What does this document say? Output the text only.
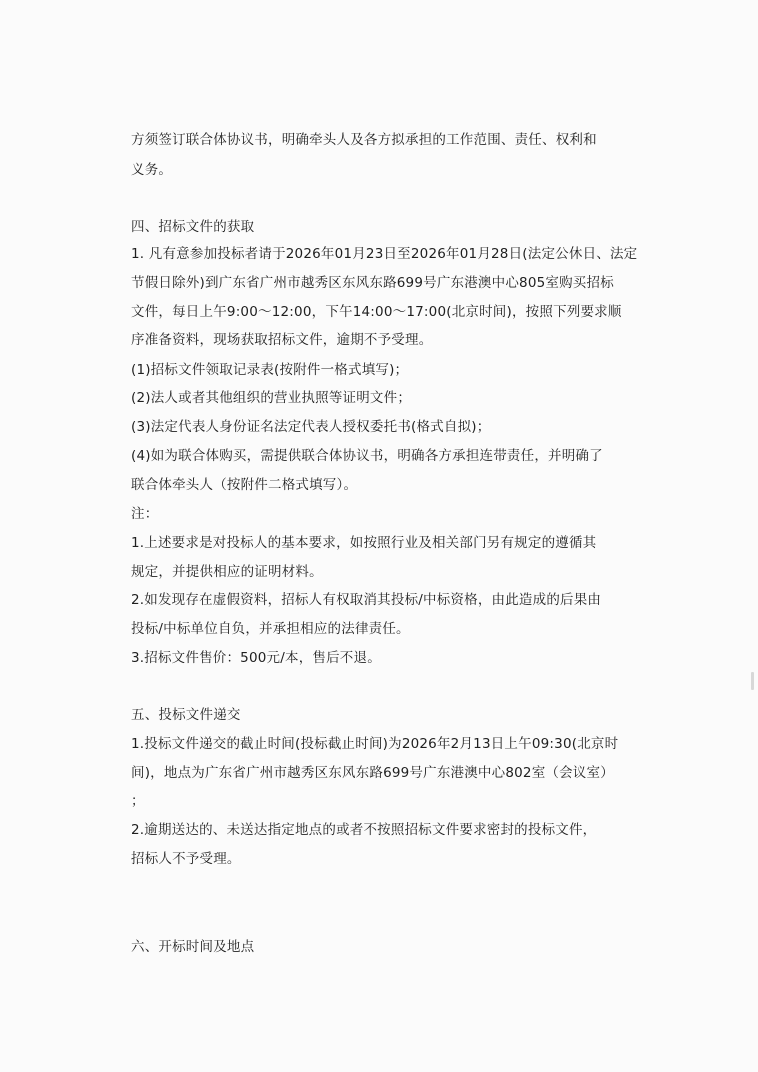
方须签订联合体协议书，明确牵头人及各方拟承担的工作范围、责任、权利和
义务。
四、招标文件的获取
1. 凡有意参加投标者请于2026年01月23日至2026年01月28日(法定公休日、法定
节假日除外)到广东省广州市越秀区东风东路699号广东港澳中心805室购买招标
文件，每日上午9:00～12:00，下午14:00～17:00(北京时间)，按照下列要求顺
序准备资料，现场获取招标文件，逾期不予受理。
(1)招标文件领取记录表(按附件一格式填写)；
(2)法人或者其他组织的营业执照等证明文件；
(3)法定代表人身份证名法定代表人授权委托书(格式自拟)；
(4)如为联合体购买，需提供联合体协议书，明确各方承担连带责任，并明确了
联合体牵头人（按附件二格式填写）。
注：
1.上述要求是对投标人的基本要求，如按照行业及相关部门另有规定的遵循其
规定，并提供相应的证明材料。
2.如发现存在虚假资料，招标人有权取消其投标/中标资格，由此造成的后果由
投标/中标单位自负，并承担相应的法律责任。
3.招标文件售价：500元/本，售后不退。
五、投标文件递交
1.投标文件递交的截止时间(投标截止时间)为2026年2月13日上午09:30(北京时
间)，地点为广东省广州市越秀区东风东路699号广东港澳中心802室（会议室）
；
2.逾期送达的、未送达指定地点的或者不按照招标文件要求密封的投标文件，
招标人不予受理。
六、开标时间及地点
